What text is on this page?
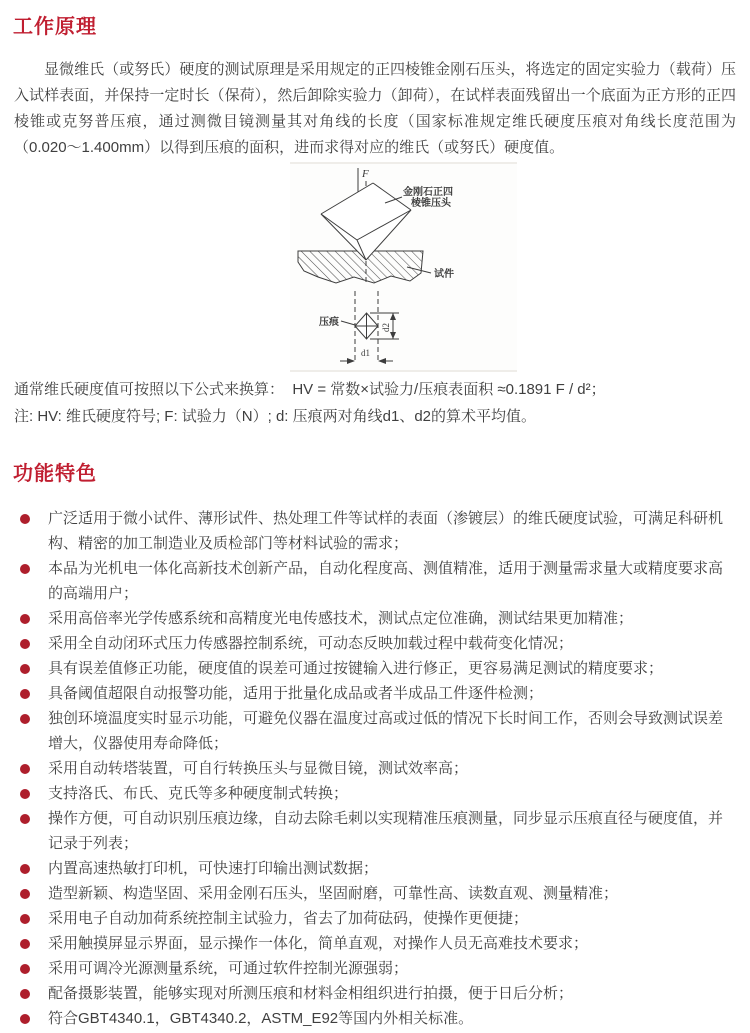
工作原理

显微维氏（或努氏）硬度的测试原理是采用规定的正四棱锥金刚石压头，将选定的固定实验力（载荷）压入试样表面，并保持一定时长（保荷），然后卸除实验力（卸荷），在试样表面残留出一个底面为正方形的正四棱锥或克努普压痕，通过测微目镜测量其对角线的长度（国家标准规定维氏硬度压痕对角线长度范围为（0.020～1.400mm）以得到压痕的面积，进而求得对应的维氏（或努氏）硬度值。

F
金刚石正四
棱锥压头
试件
压痕	d2
d1
通常维氏硬度值可按照以下公式来换算：  HV = 常数×试验力/压痕表面积 ≈0.1891 F / d²；
注: HV: 维氏硬度符号; F: 试验力（N）; d: 压痕两对角线d1、d2的算术平均值。
功能特色
广泛适用于微小试件、薄形试件、热处理工件等试样的表面（渗镀层）的维氏硬度试验，可满足科研机构、精密的加工制造业及质检部门等材料试验的需求；
本品为光机电一体化高新技术创新产品，自动化程度高、测值精准，适用于测量需求量大或精度要求高的高端用户；
采用高倍率光学传感系统和高精度光电传感技术，测试点定位准确，测试结果更加精准；
采用全自动闭环式压力传感器控制系统，可动态反映加载过程中载荷变化情况；
具有误差值修正功能，硬度值的误差可通过按键输入进行修正，更容易满足测试的精度要求；
具备阈值超限自动报警功能，适用于批量化成品或者半成品工件逐件检测；
独创环境温度实时显示功能，可避免仪器在温度过高或过低的情况下长时间工作，否则会导致测试误差增大，仪器使用寿命降低；
采用自动转塔装置，可自行转换压头与显微目镜，测试效率高；
支持洛氏、布氏、克氏等多种硬度制式转换；
操作方便，可自动识别压痕边缘，自动去除毛刺以实现精准压痕测量，同步显示压痕直径与硬度值，并记录于列表；
内置高速热敏打印机，可快速打印输出测试数据；
造型新颖、构造坚固、采用金刚石压头，坚固耐磨，可靠性高、读数直观、测量精准；
采用电子自动加荷系统控制主试验力，省去了加荷砝码，使操作更便捷；
采用触摸屏显示界面，显示操作一体化，简单直观，对操作人员无高难技术要求；
采用可调冷光源测量系统，可通过软件控制光源强弱；
配备摄影装置，能够实现对所测压痕和材料金相组织进行拍摄，便于日后分析；
符合GBT4340.1，GBT4340.2，ASTM_E92等国内外相关标准。
